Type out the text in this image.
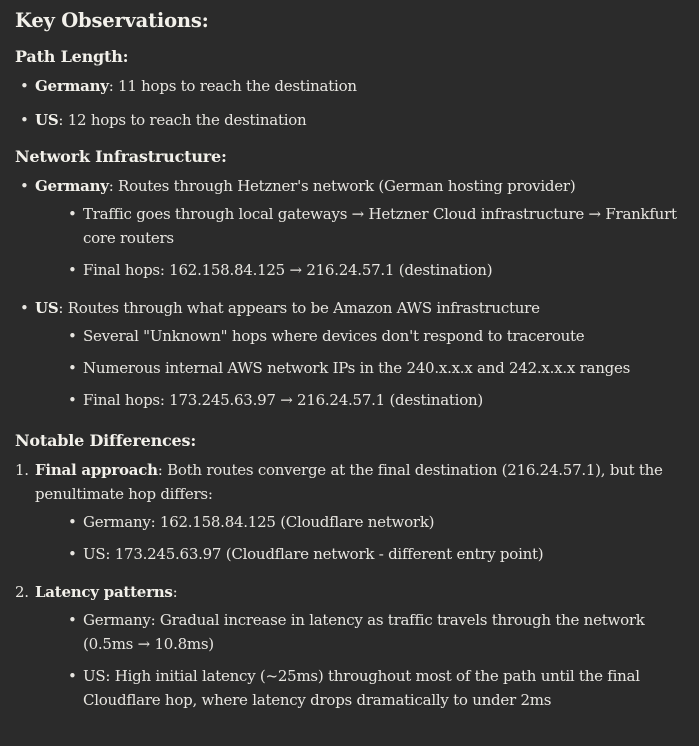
Key Observations:
Path Length:
• Germany: 11 hops to reach the destination
• US: 12 hops to reach the destination
Network Infrastructure:
• Germany: Routes through Hetzner's network (German hosting provider)
• Traffic goes through local gateways → Hetzner Cloud infrastructure → Frankfurt core routers
• Final hops: 162.158.84.125 → 216.24.57.1 (destination)
• US: Routes through what appears to be Amazon AWS infrastructure
• Several "Unknown" hops where devices don't respond to traceroute
• Numerous internal AWS network IPs in the 240.x.x.x and 242.x.x.x ranges
• Final hops: 173.245.63.97 → 216.24.57.1 (destination)
Notable Differences:
1. Final approach: Both routes converge at the final destination (216.24.57.1), but the penultimate hop differs:
• Germany: 162.158.84.125 (Cloudflare network)
• US: 173.245.63.97 (Cloudflare network - different entry point)
2. Latency patterns:
• Germany: Gradual increase in latency as traffic travels through the network (0.5ms → 10.8ms)
• US: High initial latency (~25ms) throughout most of the path until the final Cloudflare hop, where latency drops dramatically to under 2ms
